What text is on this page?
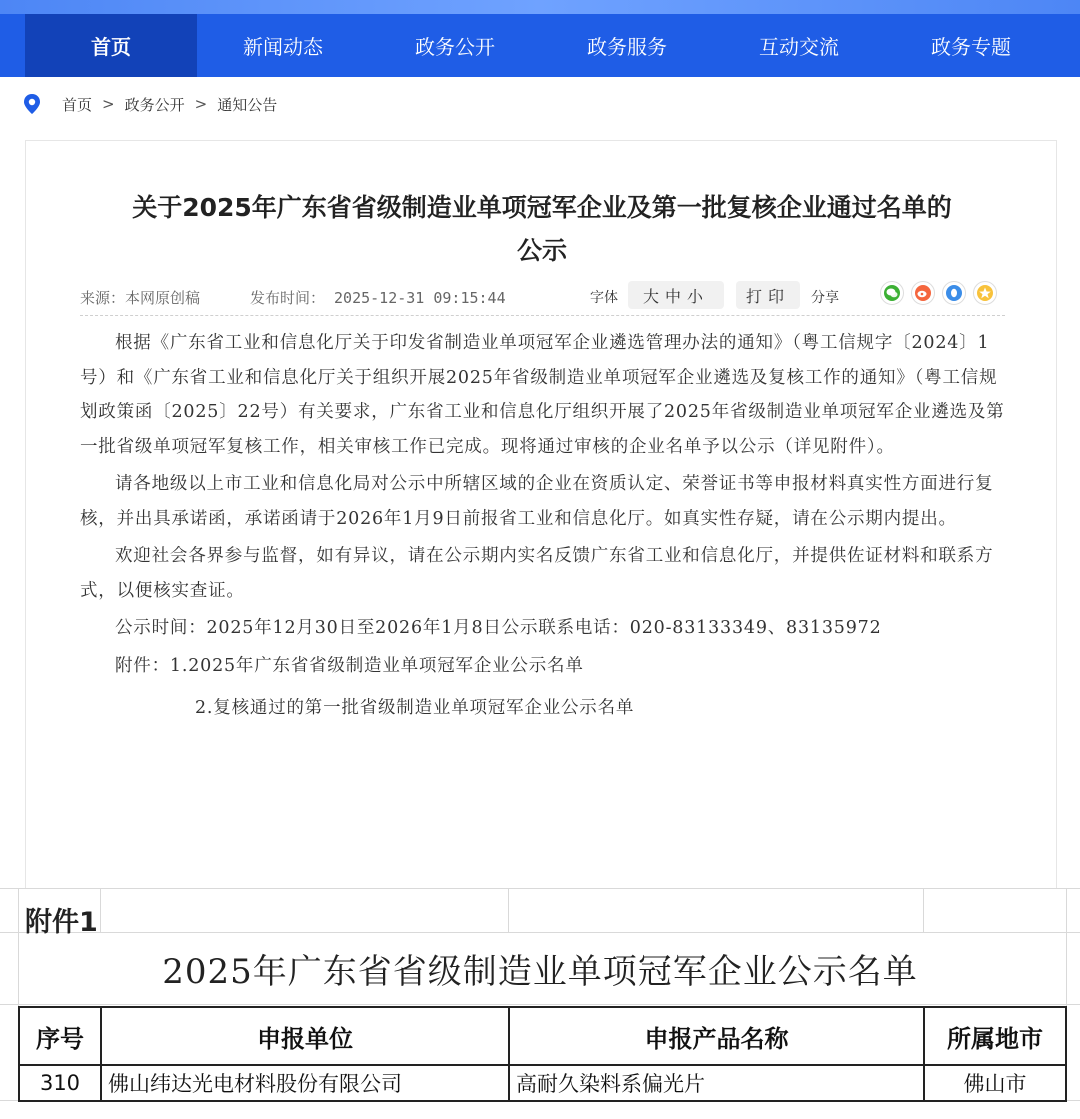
首页	新闻动态	政务公开	政务服务	互动交流	政务专题
首页 > 政务公开 > 通知公告
关于2025年广东省省级制造业单项冠军企业及第一批复核企业通过名单的
公示
来源：本网原创稿	发布时间： 2025-12-31 09:15:44	字体	大中小	打印	分享

根据《广东省工业和信息化厅关于印发省制造业单项冠军企业遴选管理办法的通知》（粤工信规字〔2024〕1号）和《广东省工业和信息化厅关于组织开展2025年省级制造业单项冠军企业遴选及复核工作的通知》（粤工信规划政策函〔2025〕22号）有关要求，广东省工业和信息化厅组织开展了2025年省级制造业单项冠军企业遴选及第一批省级单项冠军复核工作，相关审核工作已完成。现将通过审核的企业名单予以公示（详见附件）。

请各地级以上市工业和信息化局对公示中所辖区域的企业在资质认定、荣誉证书等申报材料真实性方面进行复核，并出具承诺函，承诺函请于2026年1月9日前报省工业和信息化厅。如真实性存疑，请在公示期内提出。

欢迎社会各界参与监督，如有异议，请在公示期内实名反馈广东省工业和信息化厅，并提供佐证材料和联系方式，以便核实查证。

公示时间：2025年12月30日至2026年1月8日公示联系电话：020-83133349、83135972

附件：1.2025年广东省省级制造业单项冠军企业公示名单

2.复核通过的第一批省级制造业单项冠军企业公示名单

附件1
2025年广东省省级制造业单项冠军企业公示名单
序号	申报单位	申报产品名称	所属地市
310	佛山纬达光电材料股份有限公司	高耐久染料系偏光片	佛山市
